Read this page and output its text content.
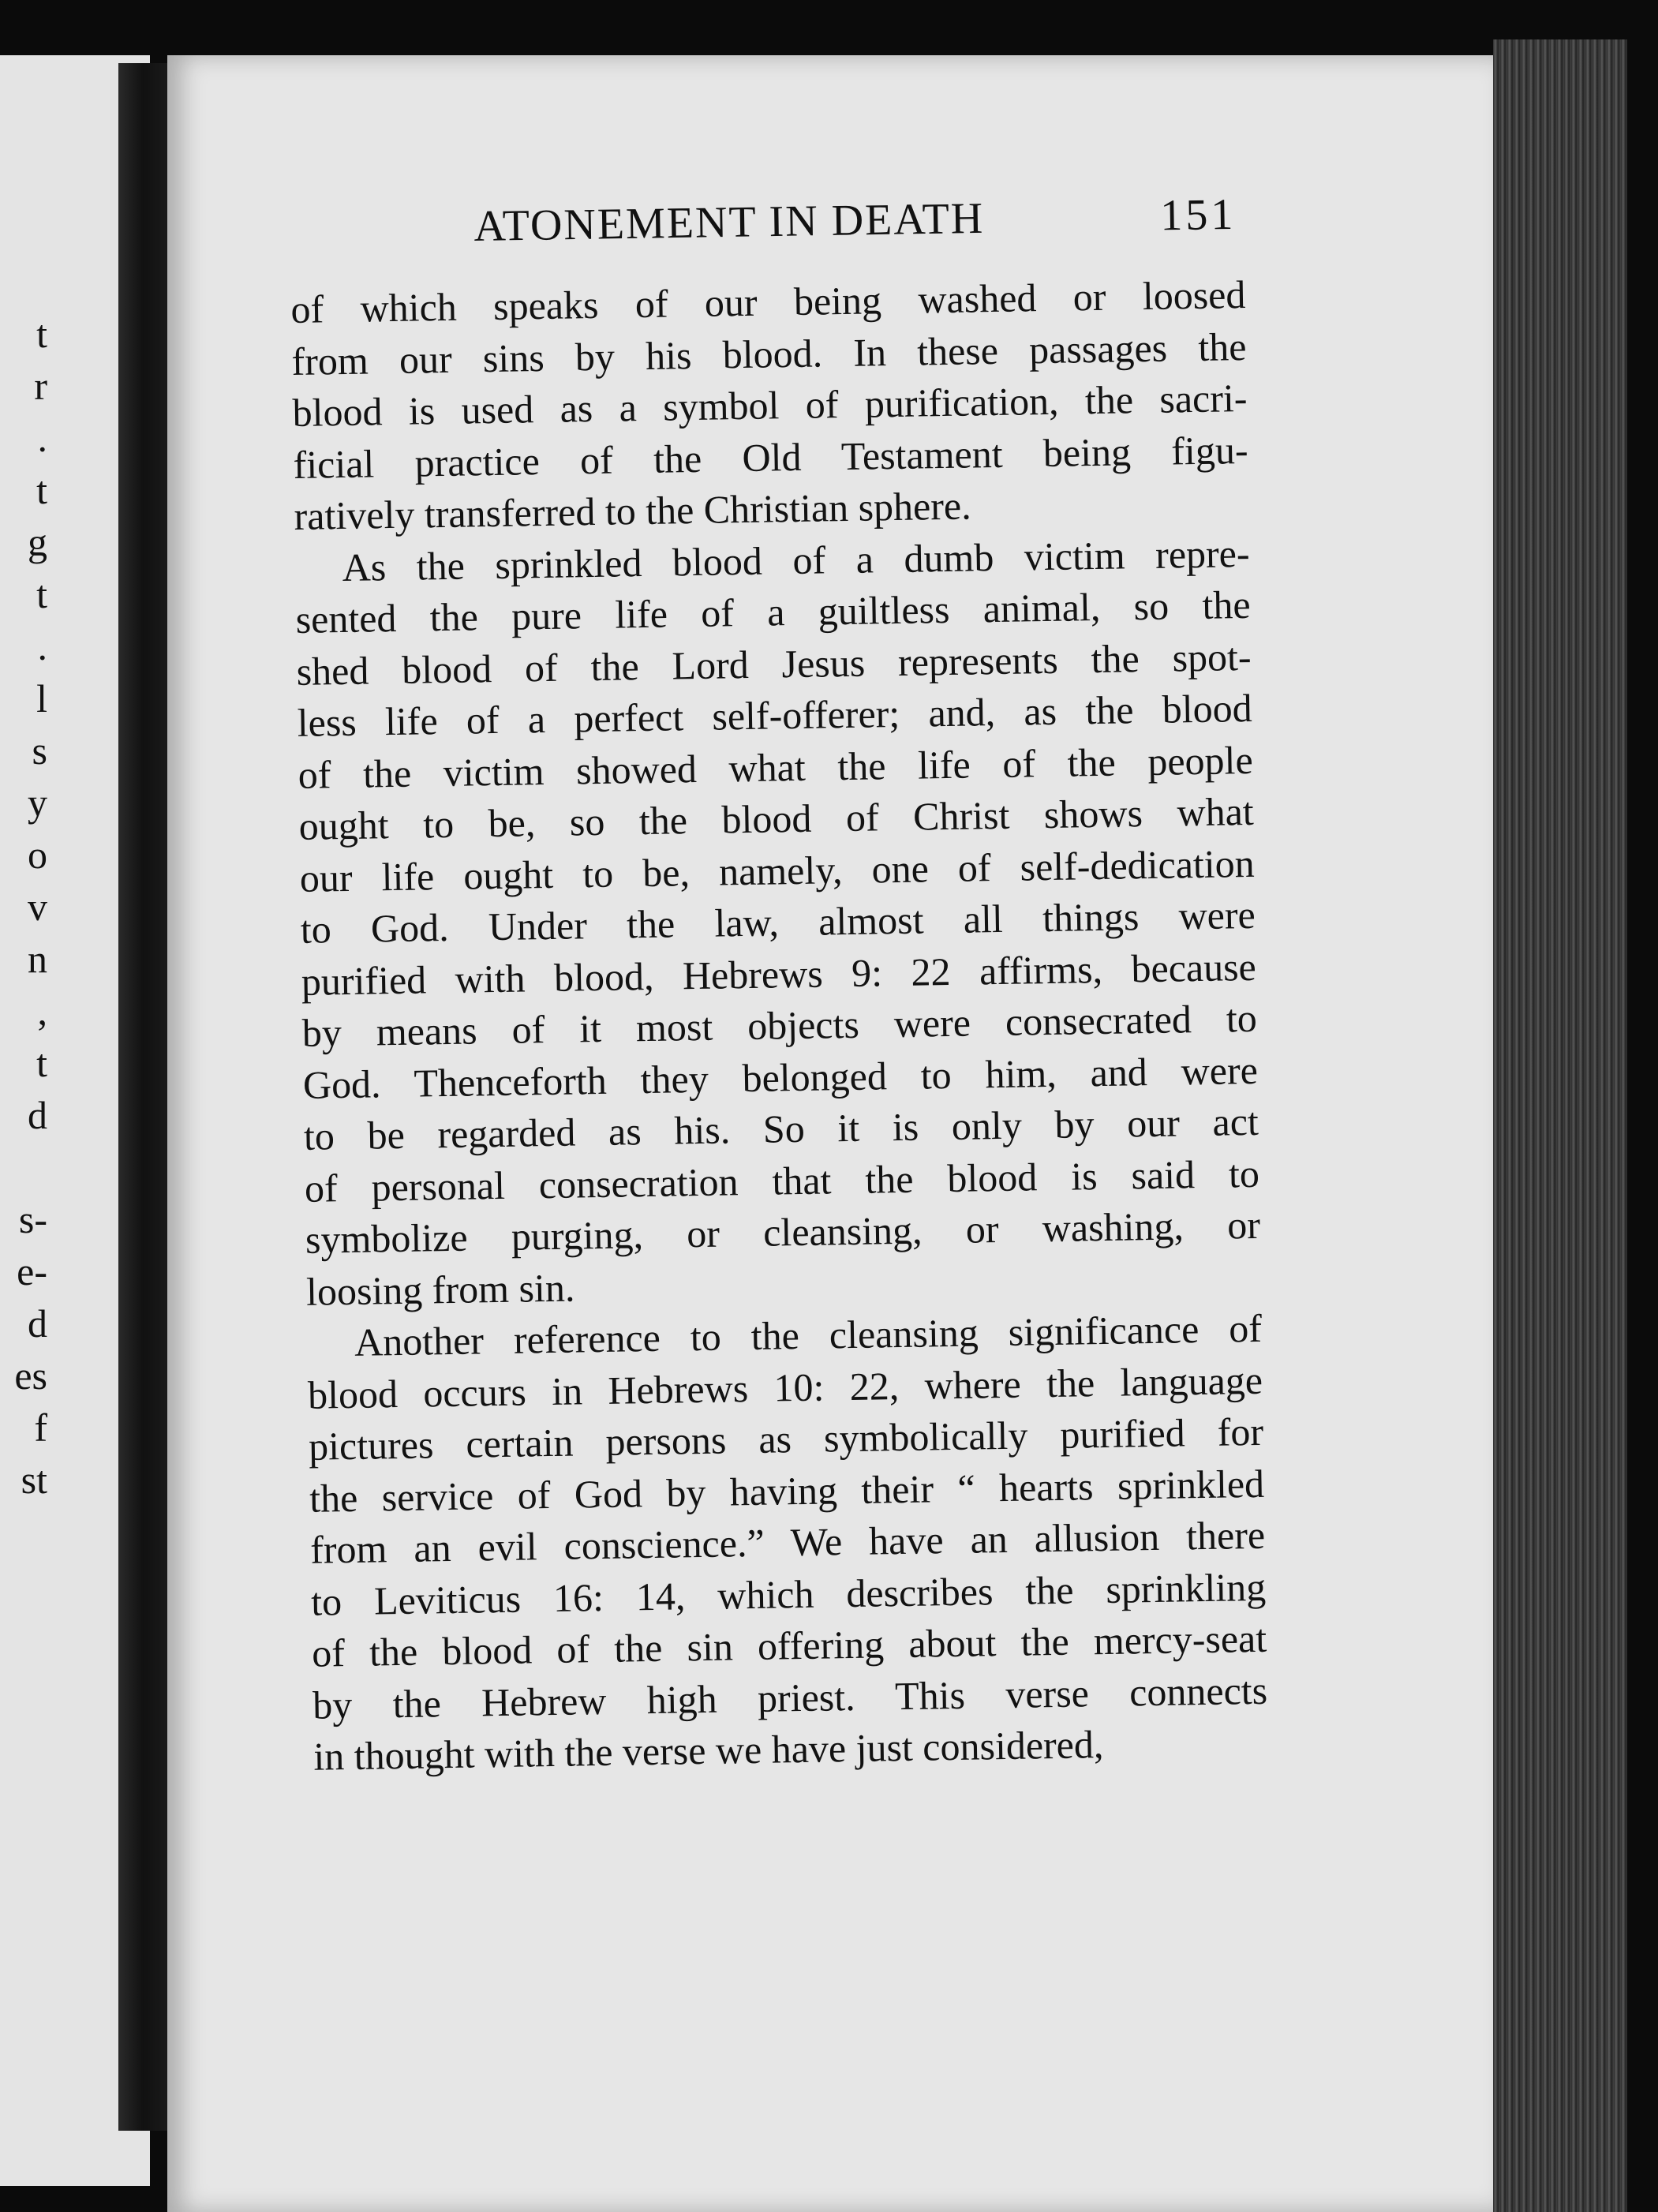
t
r
.
t
g
t
.
l
s
y
o
v
n
,
t
d
s-
e-
d
es
f
st
ATONEMENT IN DEATH	151
of which speaks of our being washed or loosed
from our sins by his blood. In these passages the
blood is used as a symbol of purification, the sacri-
ficial practice of the Old Testament being figu-
ratively transferred to the Christian sphere.
As the sprinkled blood of a dumb victim repre-
sented the pure life of a guiltless animal, so the
shed blood of the Lord Jesus represents the spot-
less life of a perfect self-offerer; and, as the blood
of the victim showed what the life of the people
ought to be, so the blood of Christ shows what
our life ought to be, namely, one of self-dedication
to God. Under the law, almost all things were
purified with blood, Hebrews 9: 22 affirms, because
by means of it most objects were consecrated to
God. Thenceforth they belonged to him, and were
to be regarded as his. So it is only by our act
of personal consecration that the blood is said to
symbolize purging, or cleansing, or washing, or
loosing from sin.
Another reference to the cleansing significance of
blood occurs in Hebrews 10: 22, where the language
pictures certain persons as symbolically purified for
the service of God by having their “ hearts sprinkled
from an evil conscience.” We have an allusion there
to Leviticus 16: 14, which describes the sprinkling
of the blood of the sin offering about the mercy-seat
by the Hebrew high priest. This verse connects
in thought with the verse we have just considered,
